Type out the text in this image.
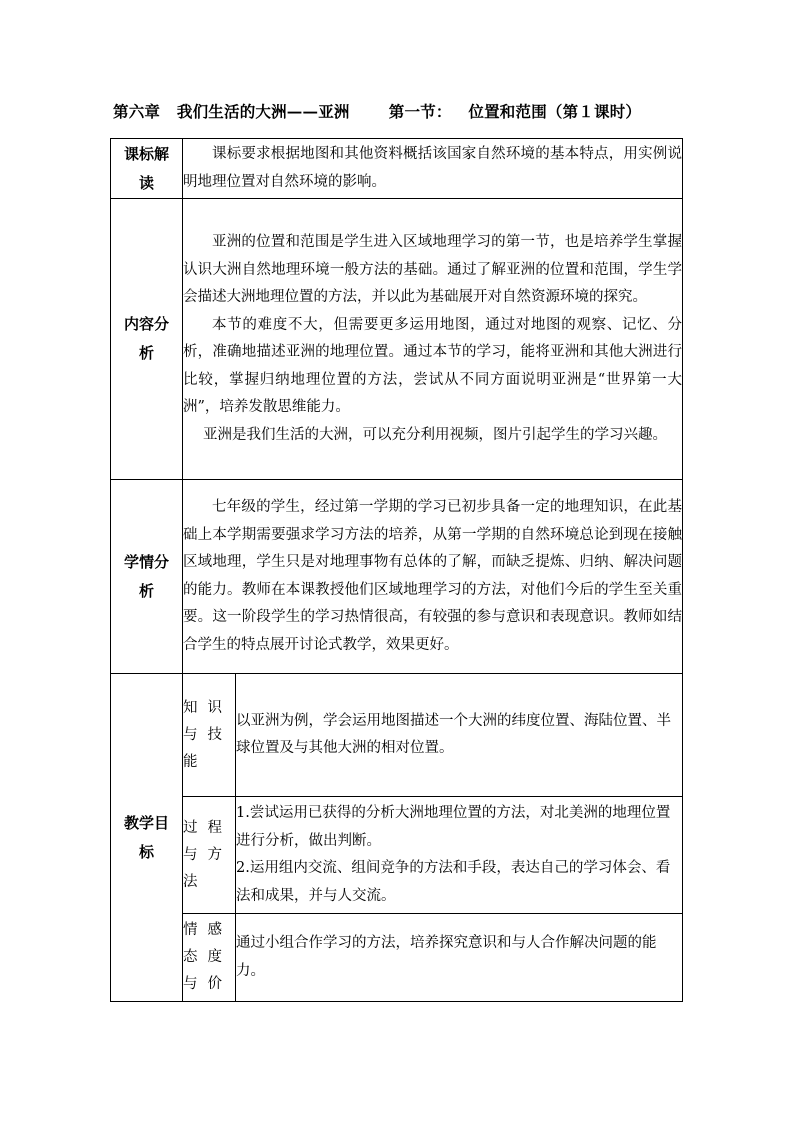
第六章 我们生活的大洲——亚洲	第一节： 位置和范围（第１课时）
课标解读	课标要求根据地图和其他资料概括该国家自然环境的基本特点，用实例说明地理位置对自然环境的影响。	

内容分析	亚洲的位置和范围是学生进入区域地理学习的第一节，也是培养学生掌握认识大洲自然地理环境一般方法的基础。通过了解亚洲的位置和范围，学生学会描述大洲地理位置的方法，并以此为基础展开对自然资源环境的探究。

本节的难度不大，但需要更多运用地图，通过对地图的观察、记忆、分析，准确地描述亚洲的地理位置。通过本节的学习，能将亚洲和其他大洲进行比较，掌握归纳地理位置的方法，尝试从不同方面说明亚洲是“世界第一大洲”，培养发散思维能力。

亚洲是我们生活的大洲，可以充分利用视频，图片引起学生的学习兴趣。	

学情分析	七年级的学生，经过第一学期的学习已初步具备一定的地理知识，在此基础上本学期需要强求学习方法的培养，从第一学期的自然环境总论到现在接触区域地理，学生只是对地理事物有总体的了解，而缺乏提炼、归纳、解决问题的能力。教师在本课教授他们区域地理学习的方法，对他们今后的学生至关重要。这一阶段学生的学习热情很高，有较强的参与意识和表现意识。教师如结合学生的特点展开讨论式教学，效果更好。	

教学目标	知识与技能	以亚洲为例，学会运用地图描述一个大洲的纬度位置、海陆位置、半球位置及与其他大洲的相对位置。

	过程与方法	1.尝试运用已获得的分析大洲地理位置的方法，对北美洲的地理位置进行分析，做出判断。

2.运用组内交流、组间竞争的方法和手段，表达自己的学习体会、看法和成果，并与人交流。

	情感态度与价	通过小组合作学习的方法，培养探究意识和与人合作解决问题的能力。
